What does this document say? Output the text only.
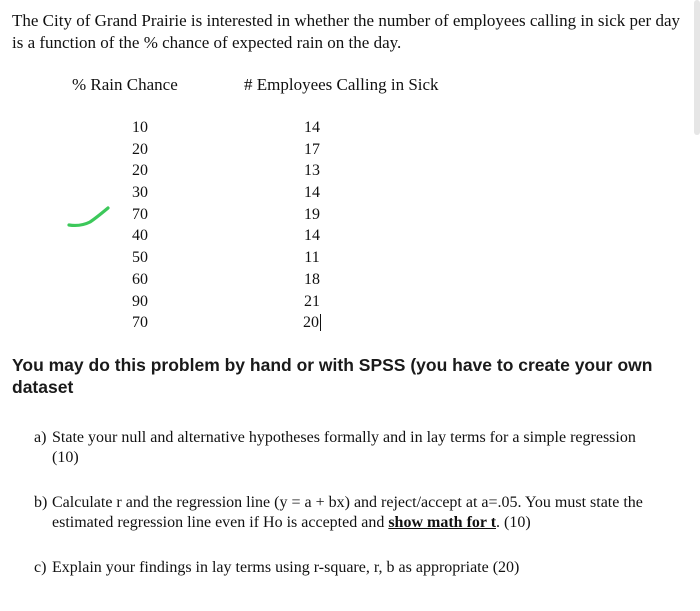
The City of Grand Prairie is interested in whether the number of employees calling in sick per day is a function of the % chance of expected rain on the day.

% Rain Chance	# Employees Calling in Sick
10
20
20
30
70
40
50
60
90
70
14
17
13
14
19
14
11
18
21
20
You may do this problem by hand or with SPSS (you have to create your own dataset
a) State your null and alternative hypotheses formally and in lay terms for a simple regression (10)
b) Calculate r and the regression line (y = a + bx) and reject/accept at a=.05. You must state the estimated regression line even if Ho is accepted and show math for t. (10)
c) Explain your findings in lay terms using r-square, r, b as appropriate (20)
